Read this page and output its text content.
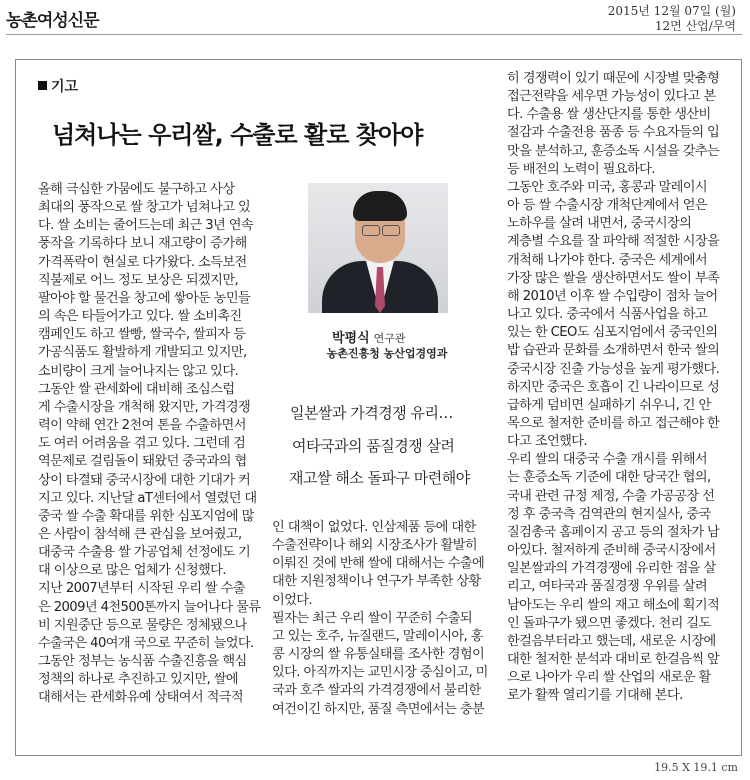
농촌여성신문	2015년 12월 07일 (월)
12면 산업/무역
기고
넘쳐나는 우리쌀, 수출로 활로 찾아야
올해 극심한 가뭄에도 불구하고 사상
최대의 풍작으로 쌀 창고가 넘쳐나고 있
다. 쌀 소비는 줄어드는데 최근 3년 연속
풍작을 기록하다 보니 재고량이 증가해
가격폭락이 현실로 다가왔다. 소득보전
직불제로 어느 정도 보상은 되겠지만,
팔아야 할 물건을 창고에 쌓아둔 농민들
의 속은 타들어가고 있다. 쌀 소비촉진
캠페인도 하고 쌀빵, 쌀국수, 쌀피자 등
가공식품도 활발하게 개발되고 있지만,
소비량이 크게 늘어나지는 않고 있다.
그동안 쌀 관세화에 대비해 조심스럽
게 수출시장을 개척해 왔지만, 가격경쟁
력이 약해 연간 2천여 톤을 수출하면서
도 여러 어려움을 겪고 있다. 그런데 검
역문제로 걸림돌이 돼왔던 중국과의 협
상이 타결돼 중국시장에 대한 기대가 커
지고 있다. 지난달 aT센터에서 열렸던 대
중국 쌀 수출 확대를 위한 심포지엄에 많
은 사람이 참석해 큰 관심을 보여줬고,
대중국 수출용 쌀 가공업체 선정에도 기
대 이상으로 많은 업체가 신청했다.
지난 2007년부터 시작된 우리 쌀 수출
은 2009년 4천500톤까지 늘어나다 물류
비 지원중단 등으로 물량은 정체됐으나
수출국은 40여개 국으로 꾸준히 늘었다.
그동안 정부는 농식품 수출진흥을 핵심
정책의 하나로 추진하고 있지만, 쌀에
대해서는 관세화유예 상태여서 적극적
박평식 연구관
농촌진흥청 농산업경영과
일본쌀과 가격경쟁 유리…
여타국과의 품질경쟁 살려
재고쌀 해소 돌파구 마련해야
인 대책이 없었다. 인삼제품 등에 대한
수출전략이나 해외 시장조사가 활발히
이뤄진 것에 반해 쌀에 대해서는 수출에
대한 지원정책이나 연구가 부족한 상황
이었다.
필자는 최근 우리 쌀이 꾸준히 수출되
고 있는 호주, 뉴질랜드, 말레이시아, 홍
콩 시장의 쌀 유통실태를 조사한 경험이
있다. 아직까지는 교민시장 중심이고, 미
국과 호주 쌀과의 가격경쟁에서 불리한
여건이긴 하지만, 품질 측면에서는 충분
히 경쟁력이 있기 때문에 시장별 맞춤형
접근전략을 세우면 가능성이 있다고 본
다. 수출용 쌀 생산단지를 통한 생산비
절감과 수출전용 품종 등 수요자들의 입
맛을 분석하고, 훈증소독 시설을 갖추는
등 배전의 노력이 필요하다.
그동안 호주와 미국, 홍콩과 말레이시
아 등 쌀 수출시장 개척단계에서 얻은
노하우를 살려 내면서, 중국시장의
계층별 수요를 잘 파악해 적절한 시장을
개척해 나가야 한다. 중국은 세계에서
가장 많은 쌀을 생산하면서도 쌀이 부족
해 2010년 이후 쌀 수입량이 점차 늘어
나고 있다. 중국에서 식품사업을 하고
있는 한 CEO도 심포지엄에서 중국인의
밥 습관과 문화를 소개하면서 한국 쌀의
중국시장 진출 가능성을 높게 평가했다.
하지만 중국은 호흡이 긴 나라이므로 성
급하게 덤비면 실패하기 쉬우니, 긴 안
목으로 철저한 준비를 하고 접근해야 한
다고 조언했다.
우리 쌀의 대중국 수출 개시를 위해서
는 훈증소독 기준에 대한 당국간 협의,
국내 관련 규정 제정, 수출 가공공장 선
정 후 중국측 검역관의 현지실사, 중국
질검총국 홈페이지 공고 등의 절차가 남
아있다. 철저하게 준비해 중국시장에서
일본쌀과의 가격경쟁에 유리한 점을 살
리고, 여타국과 품질경쟁 우위를 살려
남아도는 우리 쌀의 재고 해소에 획기적
인 돌파구가 됐으면 좋겠다. 천리 길도
한걸음부터라고 했는데, 새로운 시장에
대한 철저한 분석과 대비로 한걸음씩 앞
으로 나아가 우리 쌀 산업의 새로운 활
로가 활짝 열리기를 기대해 본다.
19.5 X 19.1 cm
